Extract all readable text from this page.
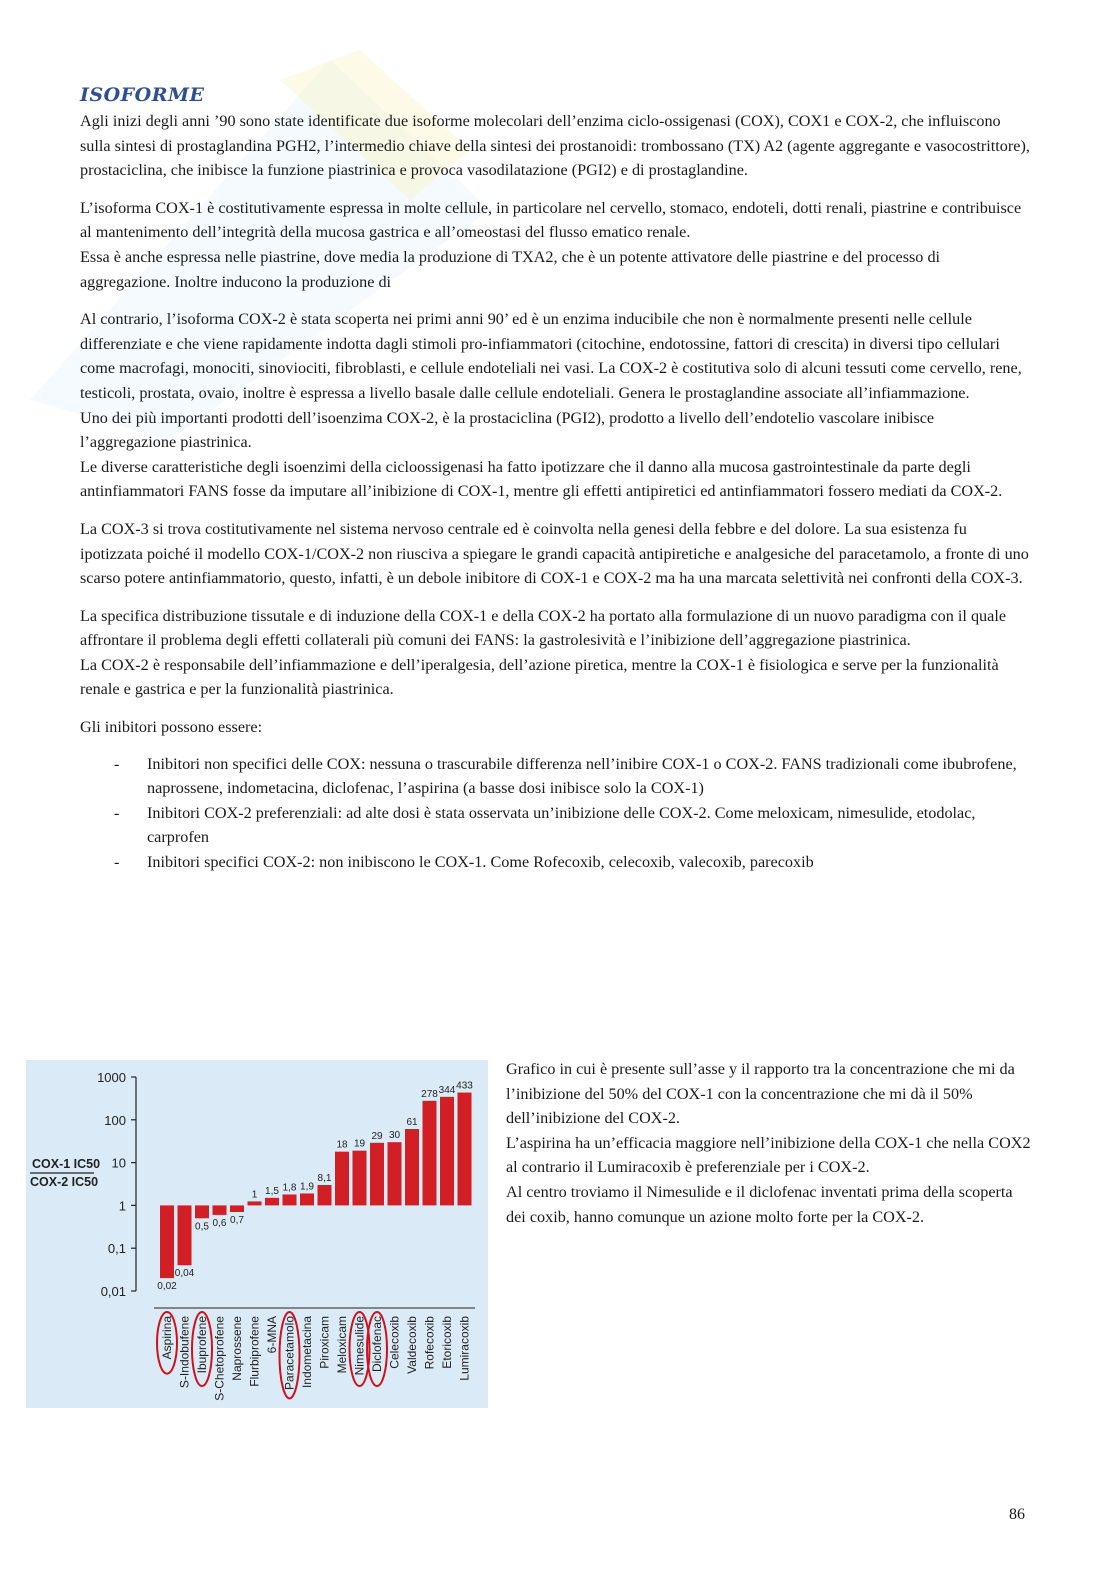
ISOFORME

Agli inizi degli anni ’90 sono state identificate due isoforme molecolari dell’enzima ciclo-ossigenasi (COX), COX1 e COX-2, che influiscono sulla sintesi di prostaglandina PGH2, l’intermedio chiave della sintesi dei prostanoidi: trombossano (TX) A2 (agente aggregante e vasocostrittore), prostaciclina, che inibisce la funzione piastrinica e provoca vasodilatazione (PGI2) e di prostaglandine.

L’isoforma COX-1 è costitutivamente espressa in molte cellule, in particolare nel cervello, stomaco, endoteli, dotti renali, piastrine e contribuisce al mantenimento dell’integrità della mucosa gastrica e all’omeostasi del flusso ematico renale.

Essa è anche espressa nelle piastrine, dove media la produzione di TXA2, che è un potente attivatore delle piastrine e del processo di aggregazione. Inoltre inducono la produzione di

Al contrario, l’isoforma COX-2 è stata scoperta nei primi anni 90’ ed è un enzima inducibile che non è normalmente presenti nelle cellule differenziate e che viene rapidamente indotta dagli stimoli pro-infiammatori (citochine, endotossine, fattori di crescita) in diversi tipo cellulari come macrofagi, monociti, sinoviociti, fibroblasti, e cellule endoteliali nei vasi. La COX-2 è costitutiva solo di alcuni tessuti come cervello, rene, testicoli, prostata, ovaio, inoltre è espressa a livello basale dalle cellule endoteliali. Genera le prostaglandine associate all’infiammazione.

Uno dei più importanti prodotti dell’isoenzima COX-2, è la prostaciclina (PGI2), prodotto a livello dell’endotelio vascolare inibisce l’aggregazione piastrinica.

Le diverse caratteristiche degli isoenzimi della cicloossigenasi ha fatto ipotizzare che il danno alla mucosa gastrointestinale da parte degli antinfiammatori FANS fosse da imputare all’inibizione di COX-1, mentre gli effetti antipiretici ed antinfiammatori fossero mediati da COX-2.

La COX-3 si trova costitutivamente nel sistema nervoso centrale ed è coinvolta nella genesi della febbre e del dolore. La sua esistenza fu ipotizzata poiché il modello COX-1/COX-2 non riusciva a spiegare le grandi capacità antipiretiche e analgesiche del paracetamolo, a fronte di uno scarso potere antinfiammatorio, questo, infatti, è un debole inibitore di COX-1 e COX-2 ma ha una marcata selettività nei confronti della COX-3.

La specifica distribuzione tissutale e di induzione della COX-1 e della COX-2 ha portato alla formulazione di un nuovo paradigma con il quale affrontare il problema degli effetti collaterali più comuni dei FANS: la gastrolesività e l’inibizione dell’aggregazione piastrinica.

La COX-2 è responsabile dell’infiammazione e dell’iperalgesia, dell’azione piretica, mentre la COX-1 è fisiologica e serve per la funzionalità renale e gastrica e per la funzionalità piastrinica.

Gli inibitori possono essere:

- Inibitori non specifici delle COX: nessuna o trascurabile differenza nell’inibire COX-1 o COX-2. FANS tradizionali come ibubrofene, naprossene, indometacina, diclofenac, l’aspirina (a basse dosi inibisce solo la COX-1)
- Inibitori COX-2 preferenziali: ad alte dosi è stata osservata un’inibizione delle COX-2. Come meloxicam, nimesulide, etodolac, carprofen
- Inibitori specifici COX-2: non inibiscono le COX-1. Come Rofecoxib, celecoxib, valecoxib, parecoxib
1000
100
10
1
0,1
0,01
COX-1 IC50
COX-2 IC50
0,02
Aspirina
0,04
S-Indobufene
0,5
Ibuprofene
0,6
S-Chetoprofene
0,7
Naprossene
1
Flurbiprofene
1,5
6-MNA
1,8
Paracetamolo
1,9
Indometacina
8,1
Piroxicam
18
Meloxicam
19
Nimesulide
29
Diclofenac
30
Celecoxib
61
Valdecoxib
278
Rofecoxib
344
Etoricoxib
433
Lumiracoxib
Grafico in cui è presente sull’asse y il rapporto tra la concentrazione che mi da l’inibizione del 50% del COX-1 con la concentrazione che mi dà il 50% dell’inibizione del COX-2.
L’aspirina ha un’efficacia maggiore nell’inibizione della COX-1 che nella COX2 al contrario il Lumiracoxib è preferenziale per i COX-2.
Al centro troviamo il Nimesulide e il diclofenac inventati prima della scoperta dei coxib, hanno comunque un azione molto forte per la COX-2.
86
